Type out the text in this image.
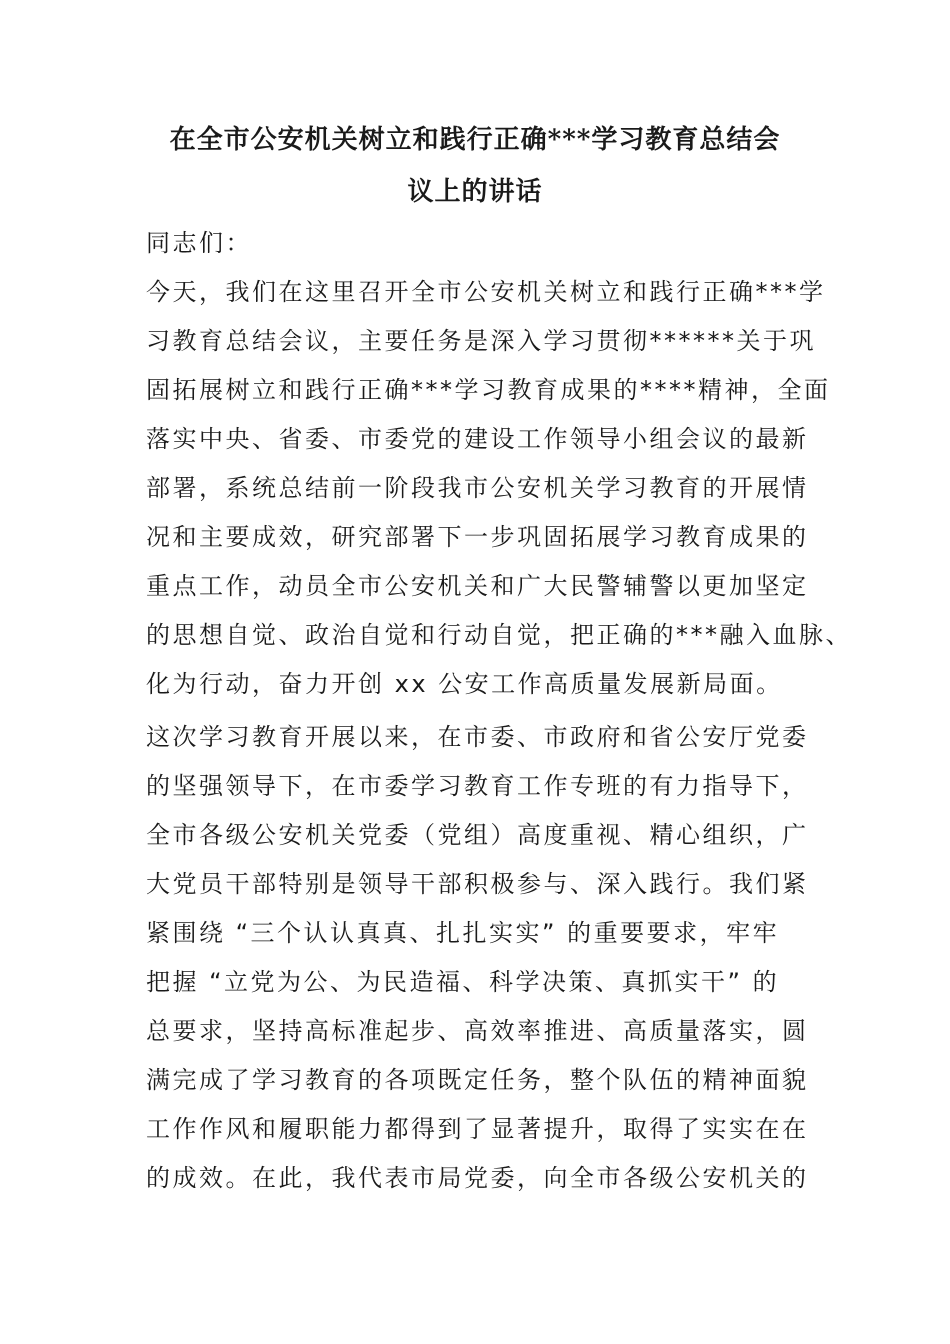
在全市公安机关树立和践行正确***学习教育总结会
议上的讲话
同志们：
今天，我们在这里召开全市公安机关树立和践行正确***学
习教育总结会议，主要任务是深入学习贯彻******关于巩
固拓展树立和践行正确***学习教育成果的****精神，全面
落实中央、省委、市委党的建设工作领导小组会议的最新
部署，系统总结前一阶段我市公安机关学习教育的开展情
况和主要成效，研究部署下一步巩固拓展学习教育成果的
重点工作，动员全市公安机关和广大民警辅警以更加坚定
的思想自觉、政治自觉和行动自觉，把正确的***融入血脉、
化为行动，奋力开创 xx 公安工作高质量发展新局面。
这次学习教育开展以来，在市委、市政府和省公安厅党委
的坚强领导下，在市委学习教育工作专班的有力指导下，
全市各级公安机关党委（党组）高度重视、精心组织，广
大党员干部特别是领导干部积极参与、深入践行。我们紧
紧围绕 “三个认认真真、扎扎实实” 的重要要求，牢牢
把握 “立党为公、为民造福、科学决策、真抓实干” 的
总要求，坚持高标准起步、高效率推进、高质量落实，圆
满完成了学习教育的各项既定任务，整个队伍的精神面貌
工作作风和履职能力都得到了显著提升，取得了实实在在
的成效。在此，我代表市局党委，向全市各级公安机关的
